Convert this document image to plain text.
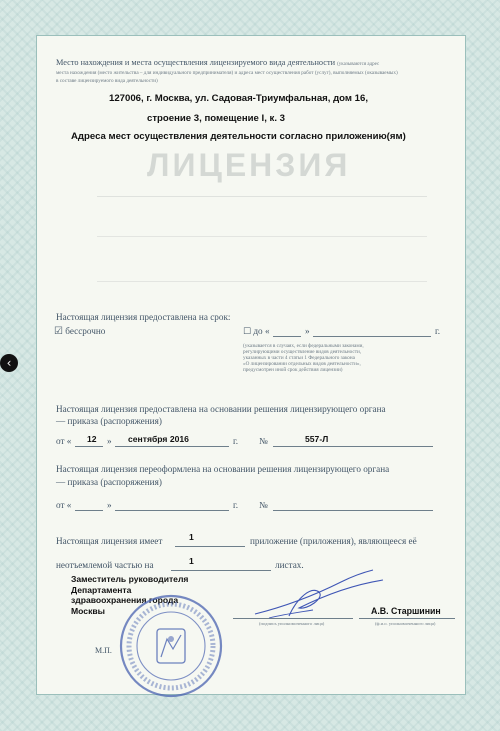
Место нахождения и места осуществления лицензируемого вида деятельности (указываются адрес
места нахождения (место жительства – для индивидуального предпринимателя) и адреса мест осуществления работ (услуг), выполняемых (оказываемых)
в составе лицензируемого вида деятельности)
127006, г. Москва, ул. Садовая-Триумфальная, дом 16,
строение 3, помещение I, к. 3
Адреса мест осуществления деятельности согласно приложению(ям)
ЛИЦЕНЗИЯ
Настоящая лицензия предоставлена на срок:
☑ бессрочно	☐ до «	»	г.
(указывается в случаях, если федеральными законами,
регулирующими осуществление видов деятельности,
указанных в части 4 статьи 1 Федерального закона
«О лицензировании отдельных видов деятельности»,
предусмотрен иной срок действия лицензии)
Настоящая лицензия предоставлена на основании решения лицензирующего органа
— приказа (распоряжения)
от « 12 » сентября 2016	г. №	557-Л
Настоящая лицензия переоформлена на основании решения лицензирующего органа
— приказа (распоряжения)
от «	»	г. №
Настоящая лицензия имеет	1	приложение (приложения), являющееся её
неотъемлемой частью на	1	листах.
Заместитель руководителя
Департамента
здравоохранения города
Москвы
(подпись уполномоченного лица)
А.В. Старшинин
(ф.и.о. уполномоченного лица)
М.П.
‹
